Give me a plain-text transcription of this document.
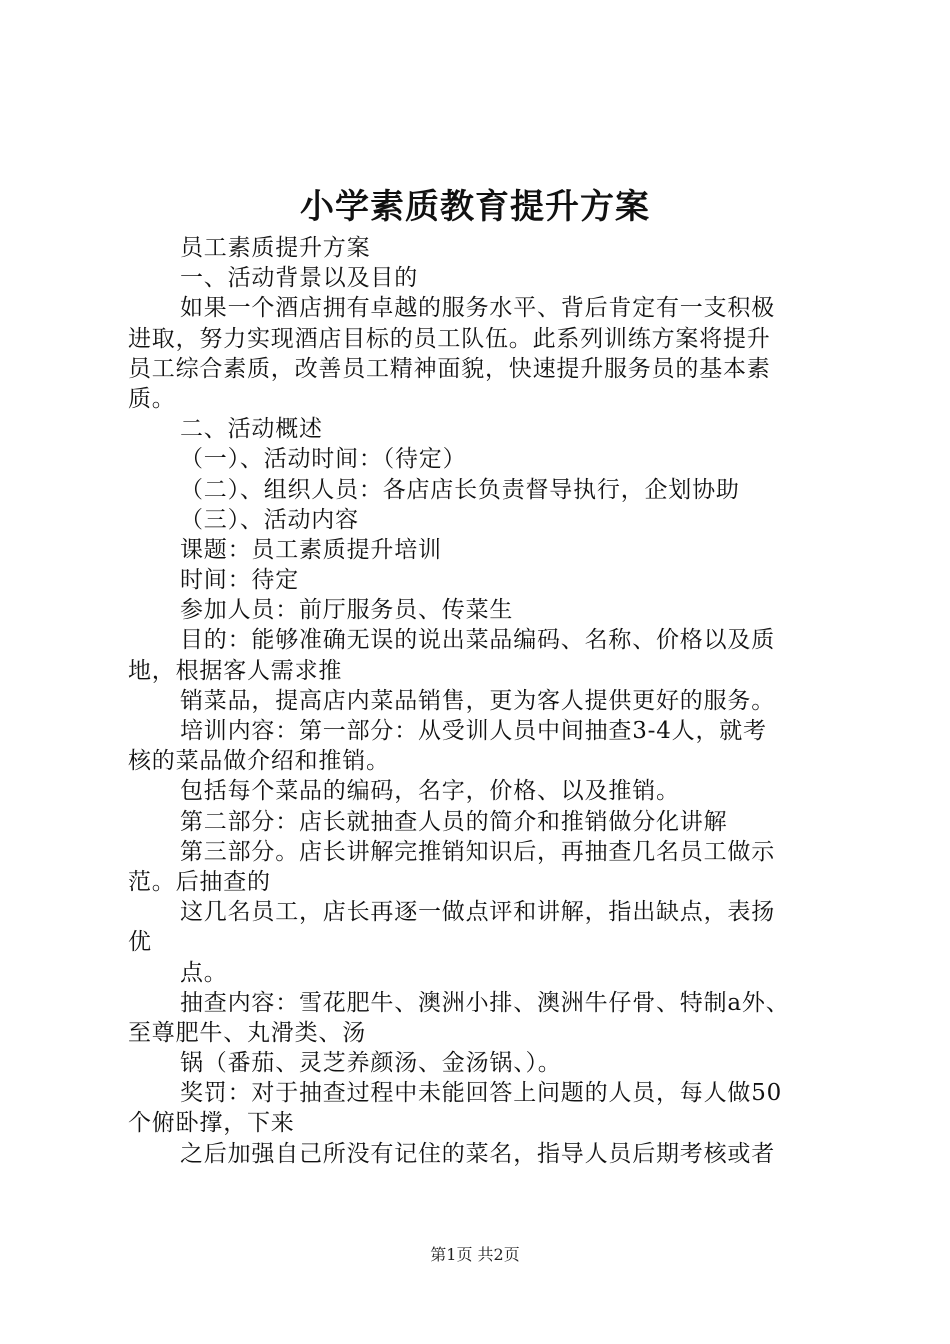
小学素质教育提升方案
员工素质提升方案
一、活动背景以及目的
如果一个酒店拥有卓越的服务水平、背后肯定有一支积极
进取，努力实现酒店目标的员工队伍。此系列训练方案将提升
员工综合素质，改善员工精神面貌，快速提升服务员的基本素
质。
二、活动概述
（一）、活动时间：（待定）
（二）、组织人员：各店店长负责督导执行，企划协助
（三）、活动内容
课题：员工素质提升培训
时间：待定
参加人员：前厅服务员、传菜生
目的：能够准确无误的说出菜品编码、名称、价格以及质
地，根据客人需求推
销菜品，提高店内菜品销售，更为客人提供更好的服务。
培训内容：第一部分：从受训人员中间抽查3-4人，就考
核的菜品做介绍和推销。
包括每个菜品的编码，名字，价格、以及推销。
第二部分：店长就抽查人员的简介和推销做分化讲解
第三部分。店长讲解完推销知识后，再抽查几名员工做示
范。后抽查的
这几名员工，店长再逐一做点评和讲解，指出缺点，表扬
优
点。
抽查内容：雪花肥牛、澳洲小排、澳洲牛仔骨、特制a外、
至尊肥牛、丸滑类、汤
锅（番茄、灵芝养颜汤、金汤锅、）。
奖罚：对于抽查过程中未能回答上问题的人员，每人做50
个俯卧撑，下来
之后加强自己所没有记住的菜名，指导人员后期考核或者
第1页 共2页
